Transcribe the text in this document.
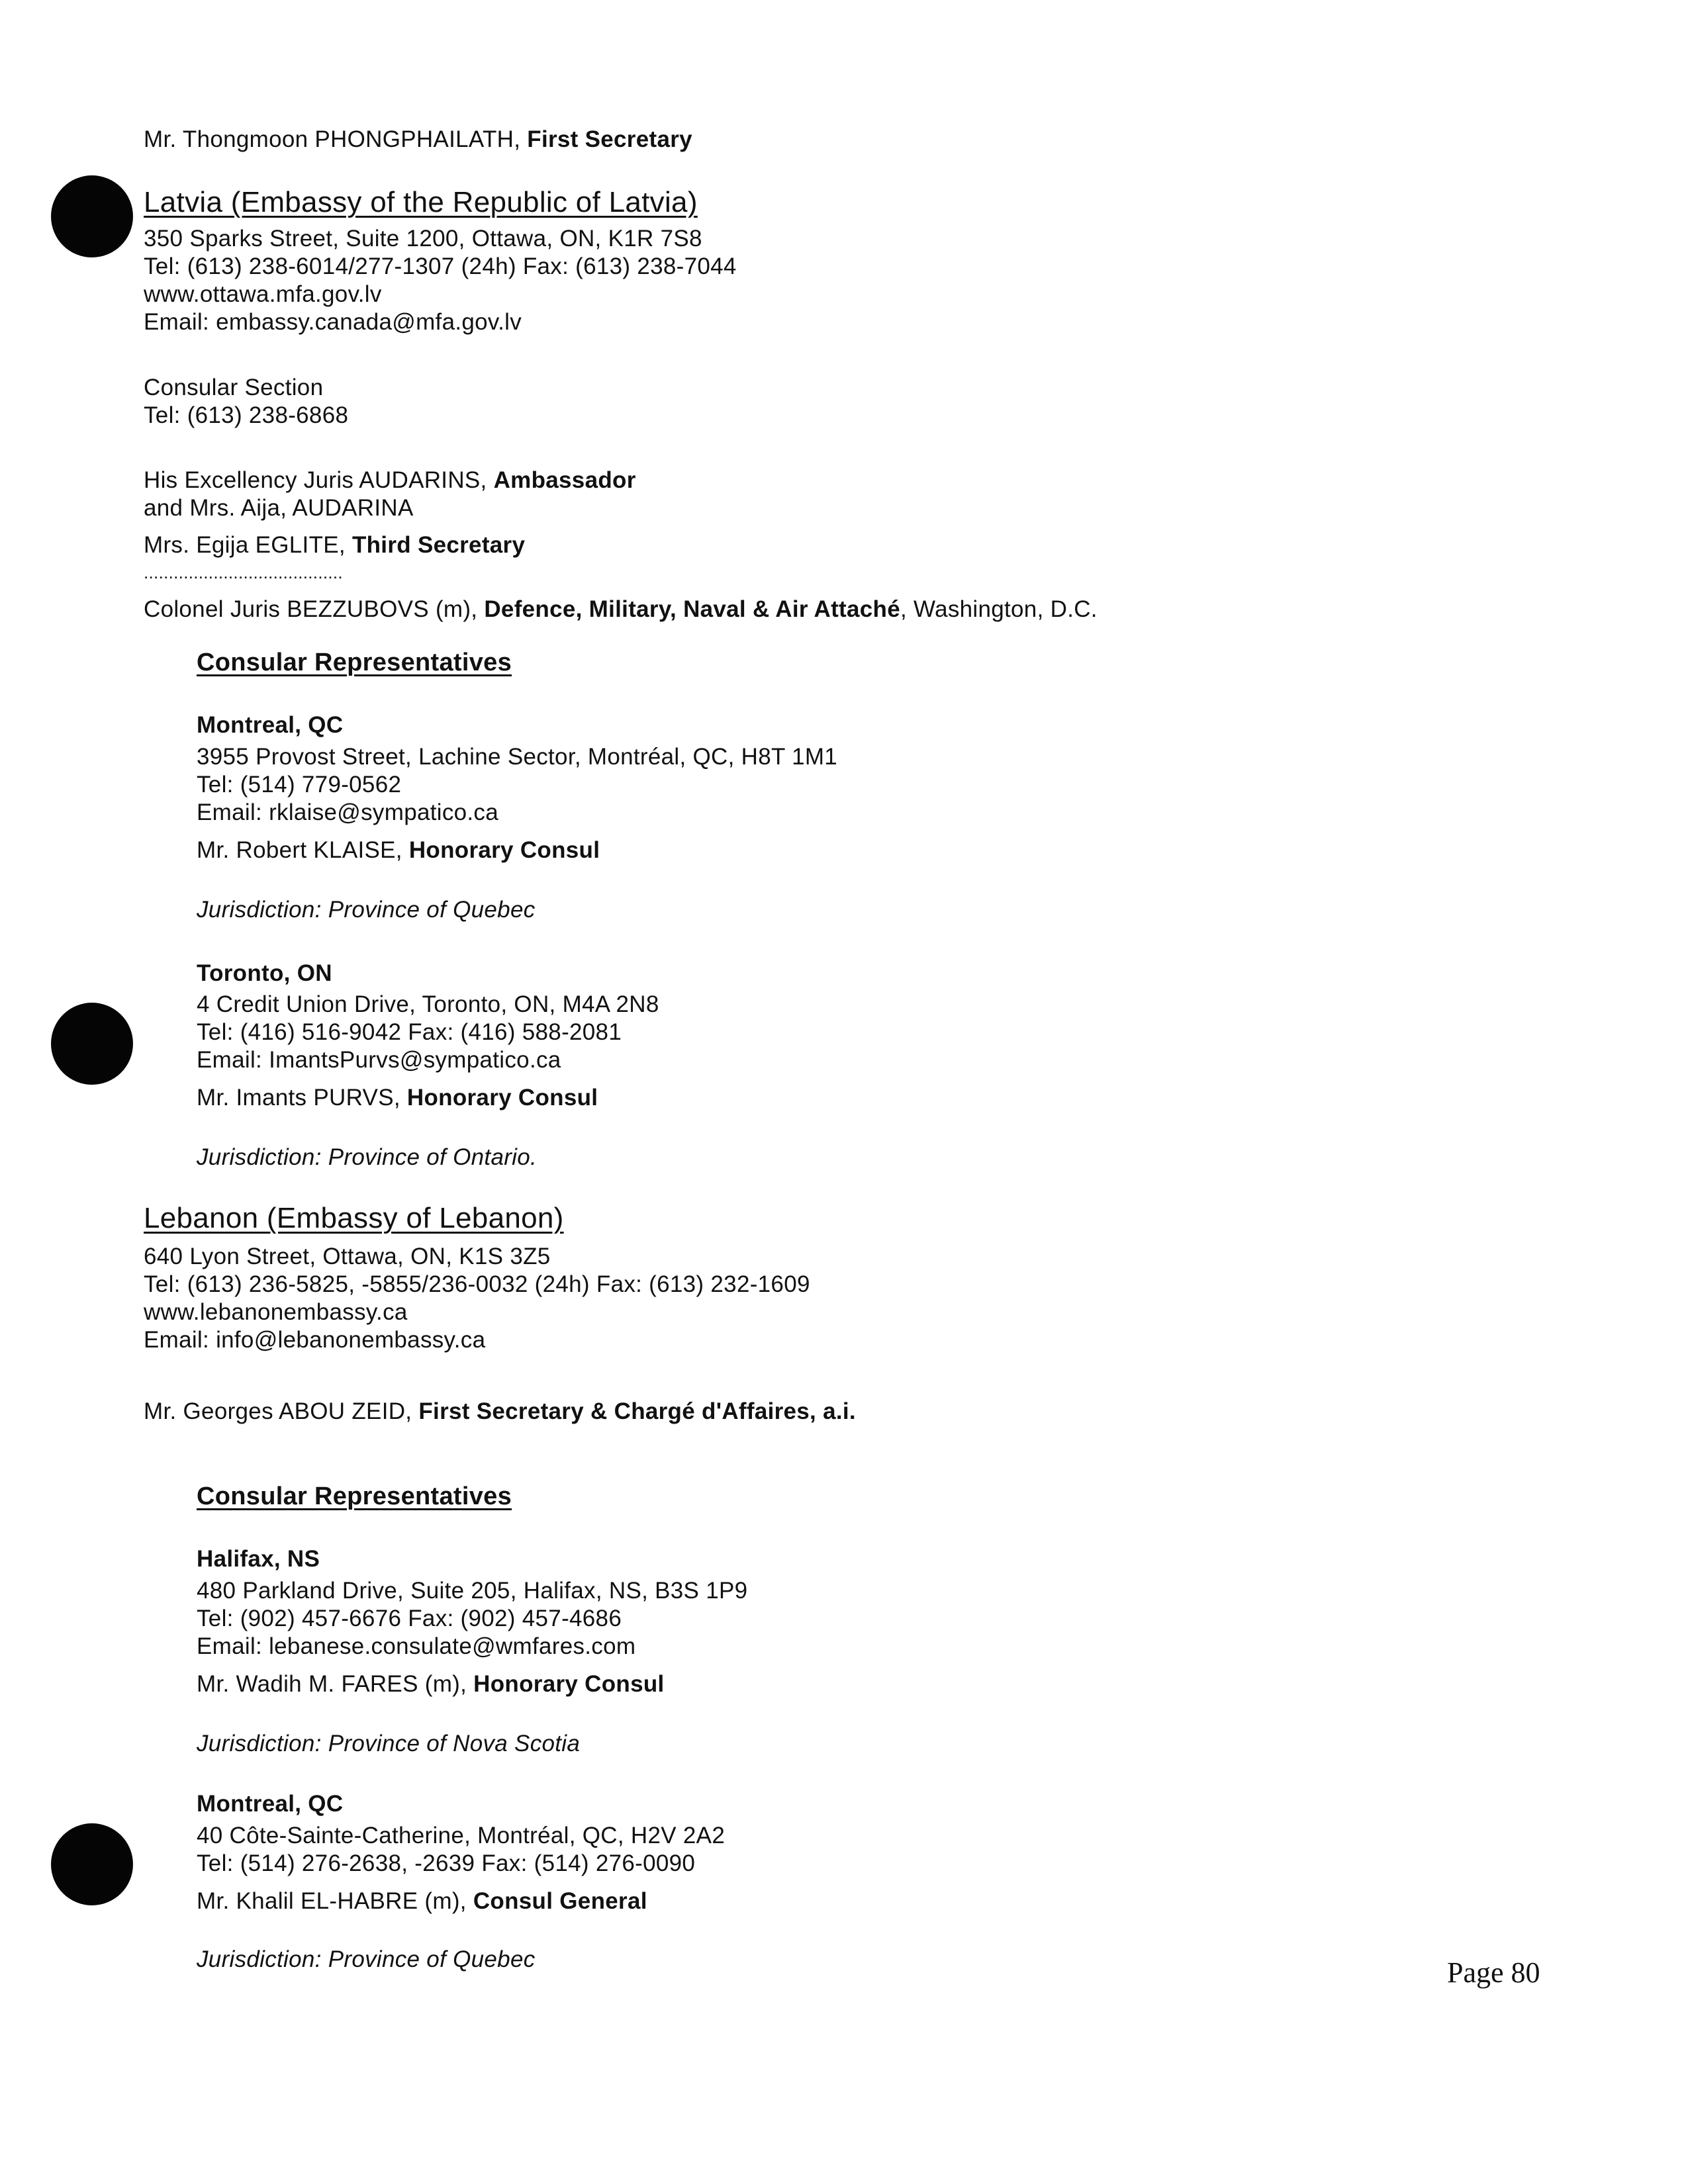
Mr. Thongmoon PHONGPHAILATH, First Secretary
Latvia (Embassy of the Republic of Latvia)
350 Sparks Street, Suite 1200, Ottawa, ON, K1R 7S8
Tel: (613) 238-6014/277-1307 (24h) Fax: (613) 238-7044
www.ottawa.mfa.gov.lv
Email: embassy.canada@mfa.gov.lv
Consular Section
Tel: (613) 238-6868
His Excellency Juris AUDARINS, Ambassador
and Mrs. Aija, AUDARINA
Mrs. Egija EGLITE, Third Secretary
........................................
Colonel Juris BEZZUBOVS (m), Defence, Military, Naval & Air Attaché, Washington, D.C.
Consular Representatives
Montreal, QC
3955 Provost Street, Lachine Sector, Montréal, QC, H8T 1M1
Tel: (514) 779-0562
Email: rklaise@sympatico.ca
Mr. Robert KLAISE, Honorary Consul
Jurisdiction: Province of Quebec
Toronto, ON
4 Credit Union Drive, Toronto, ON, M4A 2N8
Tel: (416) 516-9042 Fax: (416) 588-2081
Email: ImantsPurvs@sympatico.ca
Mr. Imants PURVS, Honorary Consul
Jurisdiction: Province of Ontario.
Lebanon (Embassy of Lebanon)
640 Lyon Street, Ottawa, ON, K1S 3Z5
Tel: (613) 236-5825, -5855/236-0032 (24h) Fax: (613) 232-1609
www.lebanonembassy.ca
Email: info@lebanonembassy.ca
Mr. Georges ABOU ZEID, First Secretary & Chargé d'Affaires, a.i.
Consular Representatives
Halifax, NS
480 Parkland Drive, Suite 205, Halifax, NS, B3S 1P9
Tel: (902) 457-6676 Fax: (902) 457-4686
Email: lebanese.consulate@wmfares.com
Mr. Wadih M. FARES (m), Honorary Consul
Jurisdiction: Province of Nova Scotia
Montreal, QC
40 Côte-Sainte-Catherine, Montréal, QC, H2V 2A2
Tel: (514) 276-2638, -2639 Fax: (514) 276-0090
Mr. Khalil EL-HABRE (m), Consul General
Jurisdiction: Province of Quebec	Page 80
